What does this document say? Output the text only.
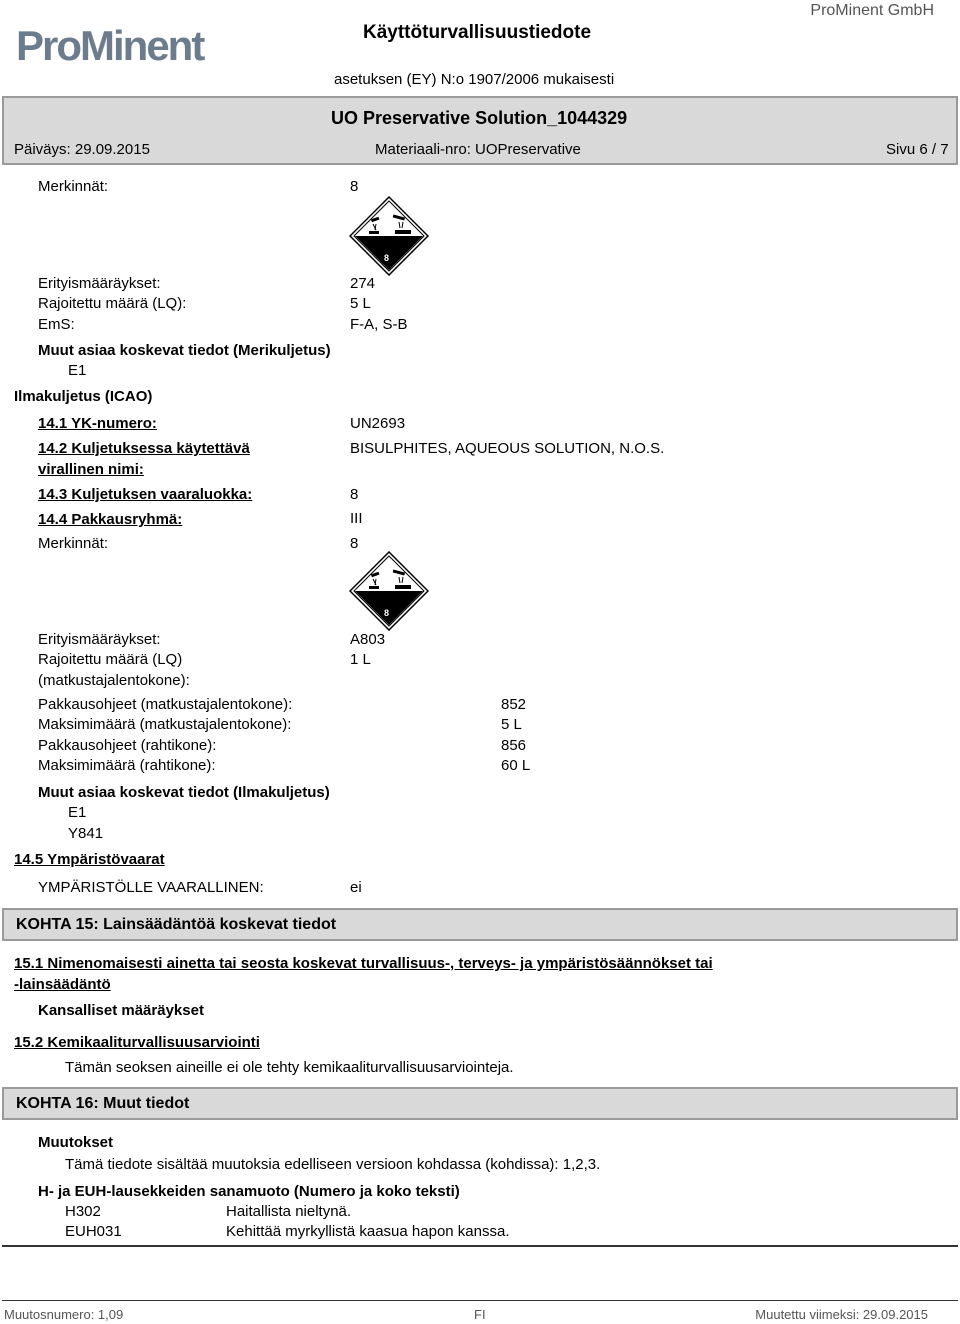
ProMinent
ProMinent GmbH
Käyttöturvallisuustiedote
asetuksen (EY) N:o 1907/2006 mukaisesti
UO Preservative Solution_1044329
Päiväys: 29.09.2015	Materiaali-nro: UOPreservative	Sivu 6 / 7
Merkinnät:	8
8
Erityismääräykset:	274
Rajoitettu määrä (LQ):	5 L
EmS:	F-A, S-B
Muut asiaa koskevat tiedot (Merikuljetus)
E1
Ilmakuljetus (ICAO)
14.1 YK-numero:	UN2693
14.2 Kuljetuksessa käytettävä
virallinen nimi:
BISULPHITES, AQUEOUS SOLUTION, N.O.S.
14.3 Kuljetuksen vaaraluokka:	8
14.4 Pakkausryhmä:	III
Merkinnät:	8
8
Erityismääräykset:	A803
Rajoitettu määrä (LQ)
(matkustajalentokone):
1 L
Pakkausohjeet (matkustajalentokone):	852
Maksimimäärä (matkustajalentokone):	5 L
Pakkausohjeet (rahtikone):	856
Maksimimäärä (rahtikone):	60 L
Muut asiaa koskevat tiedot (Ilmakuljetus)
E1
Y841
14.5 Ympäristövaarat
YMPÄRISTÖLLE VAARALLINEN:	ei
KOHTA 15: Lainsäädäntöä koskevat tiedot
15.1 Nimenomaisesti ainetta tai seosta koskevat turvallisuus-, terveys- ja ympäristösäännökset tai
-lainsäädäntö
Kansalliset määräykset
15.2 Kemikaaliturvallisuusarviointi
Tämän seoksen aineille ei ole tehty kemikaaliturvallisuusarviointeja.
KOHTA 16: Muut tiedot
Muutokset
Tämä tiedote sisältää muutoksia edelliseen versioon kohdassa (kohdissa): 1,2,3.
H- ja EUH-lausekkeiden sanamuoto (Numero ja koko teksti)
H302	Haitallista nieltynä.
EUH031	Kehittää myrkyllistä kaasua hapon kanssa.
Muutosnumero: 1,09	FI	Muutettu viimeksi: 29.09.2015
